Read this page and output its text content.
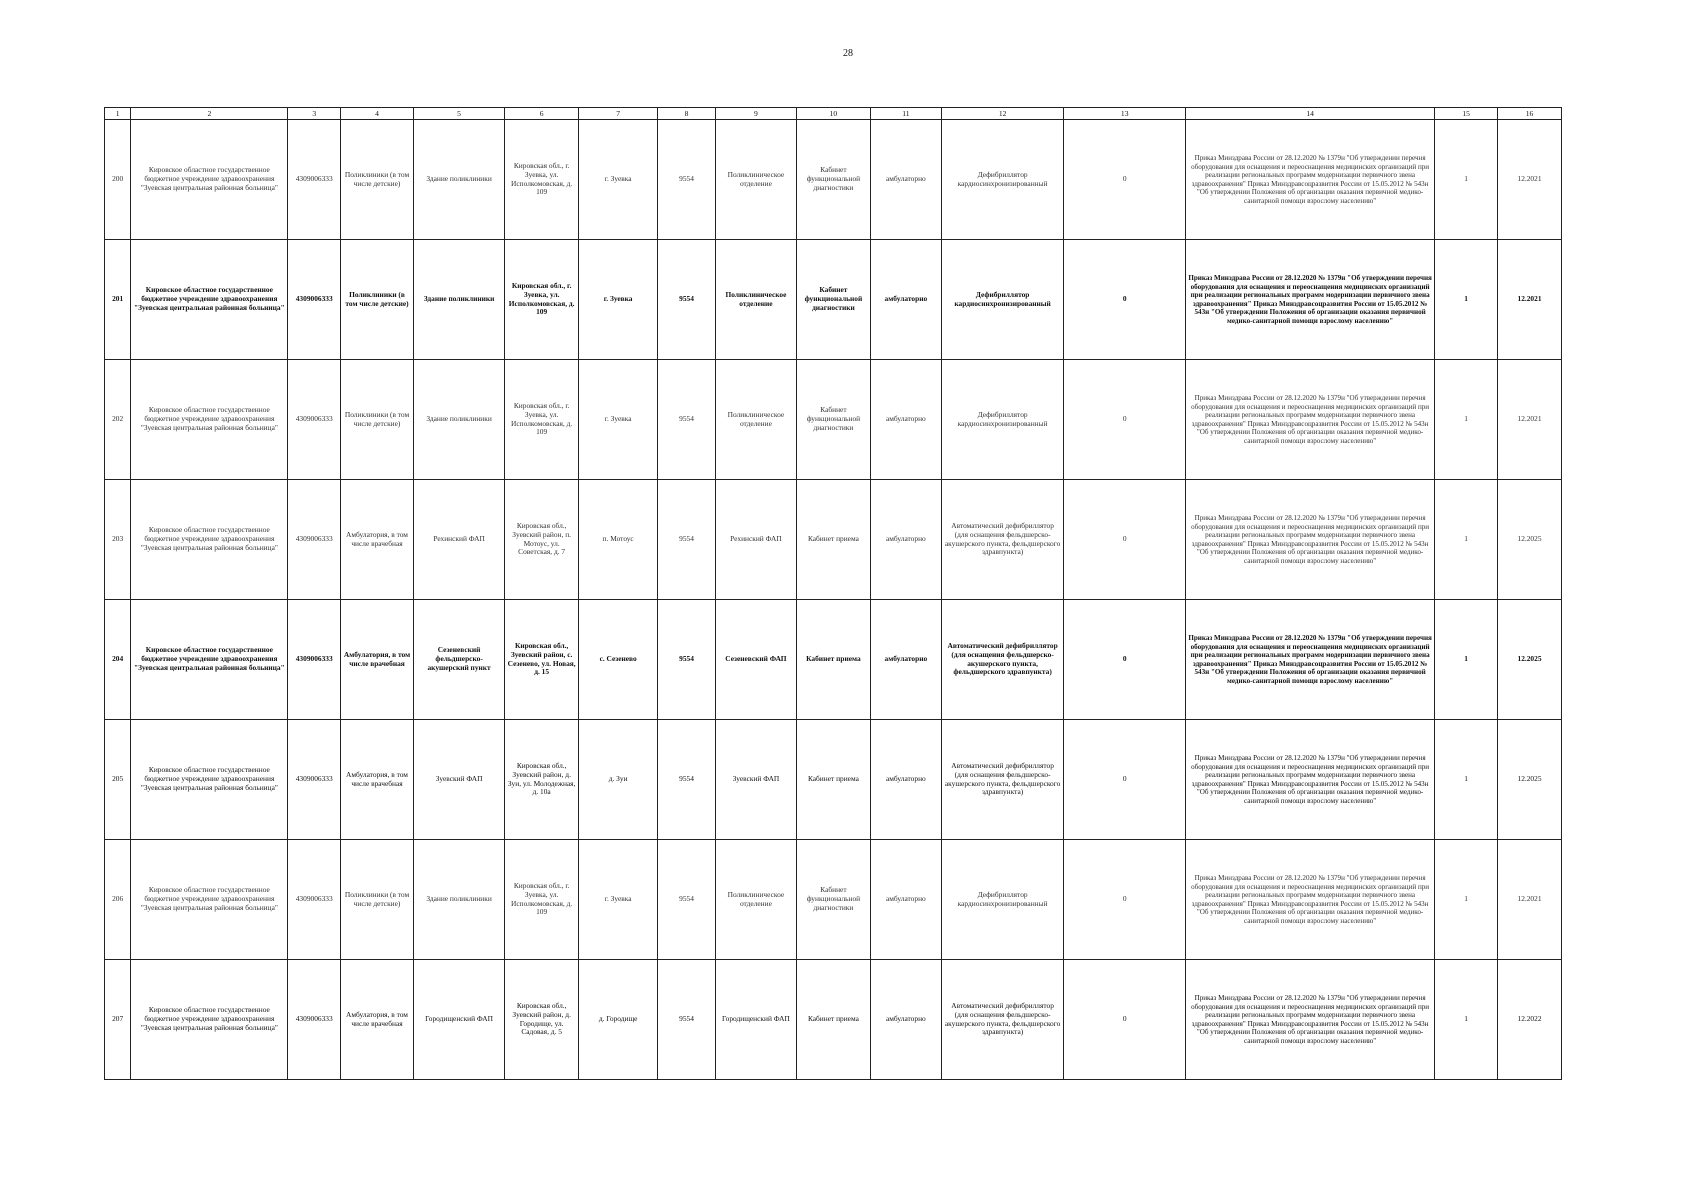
28
1	2	3	4	5	6	7	8	9	10	11	12	13	14	15	16
200	Кировское областное государственное бюджетное учреждение здравоохранения "Зуевская центральная районная больница"	4309006333	Поликлиники (в том числе детские)	Здание поликлиники	Кировская обл., г. Зуевка, ул. Исполкомовская, д. 109	г. Зуевка	9554	Поликлиническое отделение	Кабинет функциональной диагностики	амбулаторно	Дефибриллятор кардиосинхронизированный	0	Приказ Минздрава России от 28.12.2020 № 1379н "Об утверждении перечня оборудования для оснащения и переоснащения медицинских организаций при реализации региональных программ модернизации первичного звена здравоохранения" Приказ Минздравсоцразвития России от 15.05.2012 № 543н "Об утверждении Положения об организации оказания первичной медико-санитарной помощи взрослому населению"	1	12.2021
201	Кировское областное государственное бюджетное учреждение здравоохранения "Зуевская центральная районная больница"	4309006333	Поликлиники (в том числе детские)	Здание поликлиники	Кировская обл., г. Зуевка, ул. Исполкомовская, д. 109	г. Зуевка	9554	Поликлиническое отделение	Кабинет функциональной диагностики	амбулаторно	Дефибриллятор кардиосинхронизированный	0	Приказ Минздрава России от 28.12.2020 № 1379н "Об утверждении перечня оборудования для оснащения и переоснащения медицинских организаций при реализации региональных программ модернизации первичного звена здравоохранения" Приказ Минздравсоцразвития России от 15.05.2012 № 543н "Об утверждении Положения об организации оказания первичной медико-санитарной помощи взрослому населению"	1	12.2021
202	Кировское областное государственное бюджетное учреждение здравоохранения "Зуевская центральная районная больница"	4309006333	Поликлиники (в том числе детские)	Здание поликлиники	Кировская обл., г. Зуевка, ул. Исполкомовская, д. 109	г. Зуевка	9554	Поликлиническое отделение	Кабинет функциональной диагностики	амбулаторно	Дефибриллятор кардиосинхронизированный	0	Приказ Минздрава России от 28.12.2020 № 1379н "Об утверждении перечня оборудования для оснащения и переоснащения медицинских организаций при реализации региональных программ модернизации первичного звена здравоохранения" Приказ Минздравсоцразвития России от 15.05.2012 № 543н "Об утверждении Положения об организации оказания первичной медико-санитарной помощи взрослому населению"	1	12.2021
203	Кировское областное государственное бюджетное учреждение здравоохранения "Зуевская центральная районная больница"	4309006333	Амбулатория, в том числе врачебная	Рехинский ФАП	Кировская обл., Зуевский район, п. Мотоус, ул. Советская, д. 7	п. Мотоус	9554	Рехинский ФАП	Кабинет приема	амбулаторно	Автоматический дефибриллятор (для оснащения фельдшерско-акушерского пункта, фельдшерского здравпункта)	0	Приказ Минздрава России от 28.12.2020 № 1379н "Об утверждении перечня оборудования для оснащения и переоснащения медицинских организаций при реализации региональных программ модернизации первичного звена здравоохранения" Приказ Минздравсоцразвития России от 15.05.2012 № 543н "Об утверждении Положения об организации оказания первичной медико-санитарной помощи взрослому населению"	1	12.2025
204	Кировское областное государственное бюджетное учреждение здравоохранения "Зуевская центральная районная больница"	4309006333	Амбулатория, в том числе врачебная	Сезеневский фельдшерско-акушерский пункт	Кировская обл., Зуевский район, с. Сезенево, ул. Новая, д. 15	с. Сезенево	9554	Сезеневский ФАП	Кабинет приема	амбулаторно	Автоматический дефибриллятор (для оснащения фельдшерско-акушерского пункта, фельдшерского здравпункта)	0	Приказ Минздрава России от 28.12.2020 № 1379н "Об утверждении перечня оборудования для оснащения и переоснащения медицинских организаций при реализации региональных программ модернизации первичного звена здравоохранения" Приказ Минздравсоцразвития России от 15.05.2012 № 543н "Об утверждении Положения об организации оказания первичной медико-санитарной помощи взрослому населению"	1	12.2025
205	Кировское областное государственное бюджетное учреждение здравоохранения "Зуевская центральная районная больница"	4309006333	Амбулатория, в том числе врачебная	Зуевский ФАП	Кировская обл., Зуевский район, д. Зуи, ул. Молодежная, д. 10а	д. Зуи	9554	Зуевский ФАП	Кабинет приема	амбулаторно	Автоматический дефибриллятор (для оснащения фельдшерско-акушерского пункта, фельдшерского здравпункта)	0	Приказ Минздрава России от 28.12.2020 № 1379н "Об утверждении перечня оборудования для оснащения и переоснащения медицинских организаций при реализации региональных программ модернизации первичного звена здравоохранения" Приказ Минздравсоцразвития России от 15.05.2012 № 543н "Об утверждении Положения об организации оказания первичной медико-санитарной помощи взрослому населению"	1	12.2025
206	Кировское областное государственное бюджетное учреждение здравоохранения "Зуевская центральная районная больница"	4309006333	Поликлиники (в том числе детские)	Здание поликлиники	Кировская обл., г. Зуевка, ул. Исполкомовская, д. 109	г. Зуевка	9554	Поликлиническое отделение	Кабинет функциональной диагностики	амбулаторно	Дефибриллятор кардиосинхронизированный	0	Приказ Минздрава России от 28.12.2020 № 1379н "Об утверждении перечня оборудования для оснащения и переоснащения медицинских организаций при реализации региональных программ модернизации первичного звена здравоохранения" Приказ Минздравсоцразвития России от 15.05.2012 № 543н "Об утверждении Положения об организации оказания первичной медико-санитарной помощи взрослому населению"	1	12.2021
207	Кировское областное государственное бюджетное учреждение здравоохранения "Зуевская центральная районная больница"	4309006333	Амбулатория, в том числе врачебная	Городищенский ФАП	Кировская обл., Зуевский район, д. Городище, ул. Садовая, д. 5	д. Городище	9554	Городищенский ФАП	Кабинет приема	амбулаторно	Автоматический дефибриллятор (для оснащения фельдшерско-акушерского пункта, фельдшерского здравпункта)	0	Приказ Минздрава России от 28.12.2020 № 1379н "Об утверждении перечня оборудования для оснащения и переоснащения медицинских организаций при реализации региональных программ модернизации первичного звена здравоохранения" Приказ Минздравсоцразвития России от 15.05.2012 № 543н "Об утверждении Положения об организации оказания первичной медико-санитарной помощи взрослому населению"	1	12.2022
